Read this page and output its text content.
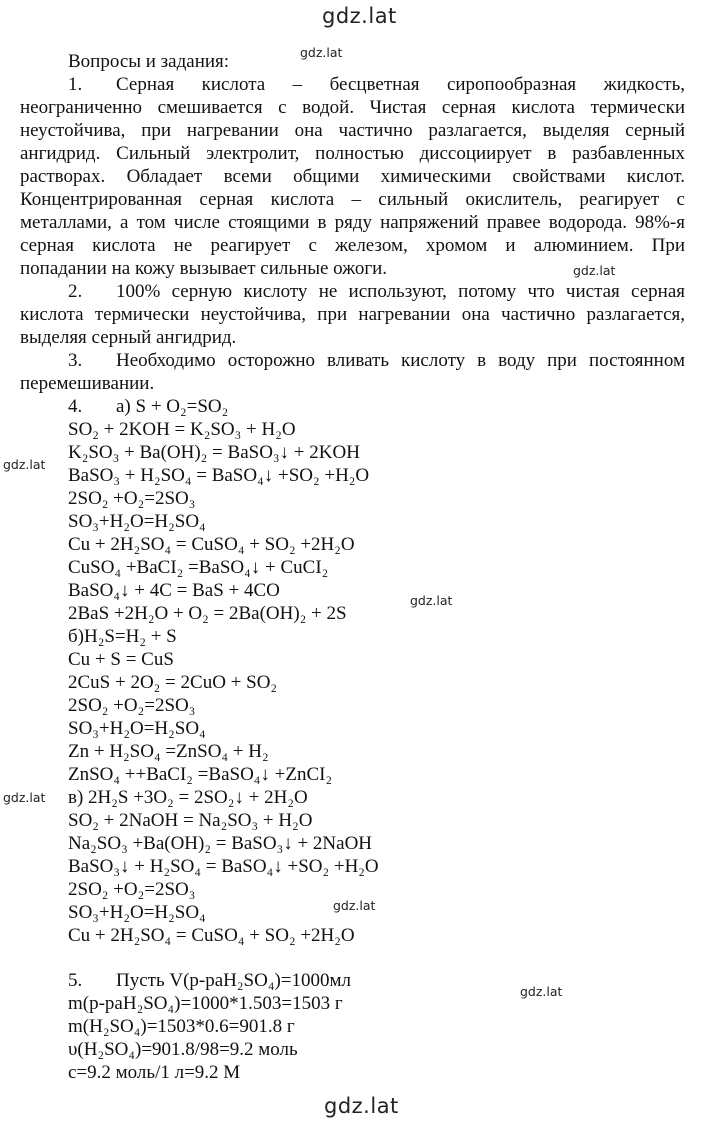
gdz.lat
gdz.lat
gdz.lat
gdz.lat
gdz.lat
gdz.lat
gdz.lat
gdz.lat
gdz.lat
Вопросы и задания:
1. Серная кислота – бесцветная сиропообразная жидкость,
неограниченно смешивается с водой. Чистая серная кислота термически
неустойчива, при нагревании она частично разлагается, выделяя серный
ангидрид. Сильный электролит, полностью диссоциирует в разбавленных
растворах. Обладает всеми общими химическими свойствами кислот.
Концентрированная серная кислота – сильный окислитель, реагирует с
металлами, а том числе стоящими в ряду напряжений правее водорода. 98%-я
серная кислота не реагирует с железом, хромом и алюминием. При
попадании на кожу вызывает сильные ожоги.
2. 100% серную кислоту не используют, потому что чистая серная
кислота термически неустойчива, при нагревании она частично разлагается,
выделяя серный ангидрид.
3. Необходимо осторожно вливать кислоту в воду при постоянном
перемешивании.
4. а) S + O₂=SO₂
SO₂ + 2KOH = K₂SO₃ + H₂O
K₂SO₃ + Ba(OH)₂ = BaSO₃↓ + 2KOH
BaSO₃ + H₂SO₄ = BaSO₄↓ +SO₂ +H₂O
2SO₂ +O₂=2SO₃
SO₃+H₂O=H₂SO₄
Cu + 2H₂SO₄ = CuSO₄ + SO₂ +2H₂O
CuSO₄ +BaCI₂ =BaSO₄↓ + CuCI₂
BaSO₄↓ + 4C = BaS + 4CO
2BaS +2H₂O + O₂ = 2Ba(OH)₂ + 2S
б)H₂S=H₂ + S
Cu + S = CuS
2CuS + 2O₂ = 2CuO + SO₂
2SO₂ +O₂=2SO₃
SO₃+H₂O=H₂SO₄
Zn + H₂SO₄ =ZnSO₄ + H₂
ZnSO₄ ++BaCI₂ =BaSO₄↓ +ZnCI₂
в) 2H₂S +3O₂ = 2SO₂↓ + 2H₂O
SO₂ + 2NaOH = Na₂SO₃ + H₂O
Na₂SO₃ +Ba(OH)₂ = BaSO₃↓ + 2NaOH
BaSO₃↓ + H₂SO₄ = BaSO₄↓ +SO₂ +H₂O
2SO₂ +O₂=2SO₃
SO₃+H₂O=H₂SO₄
Cu + 2H₂SO₄ = CuSO₄ + SO₂ +2H₂O
5. Пусть V(р-раH₂SO₄)=1000мл
m(р-раH₂SO₄)=1000*1.503=1503 г
m(H₂SO₄)=1503*0.6=901.8 г
υ(H₂SO₄)=901.8/98=9.2 моль
c=9.2 моль/1 л=9.2 М
